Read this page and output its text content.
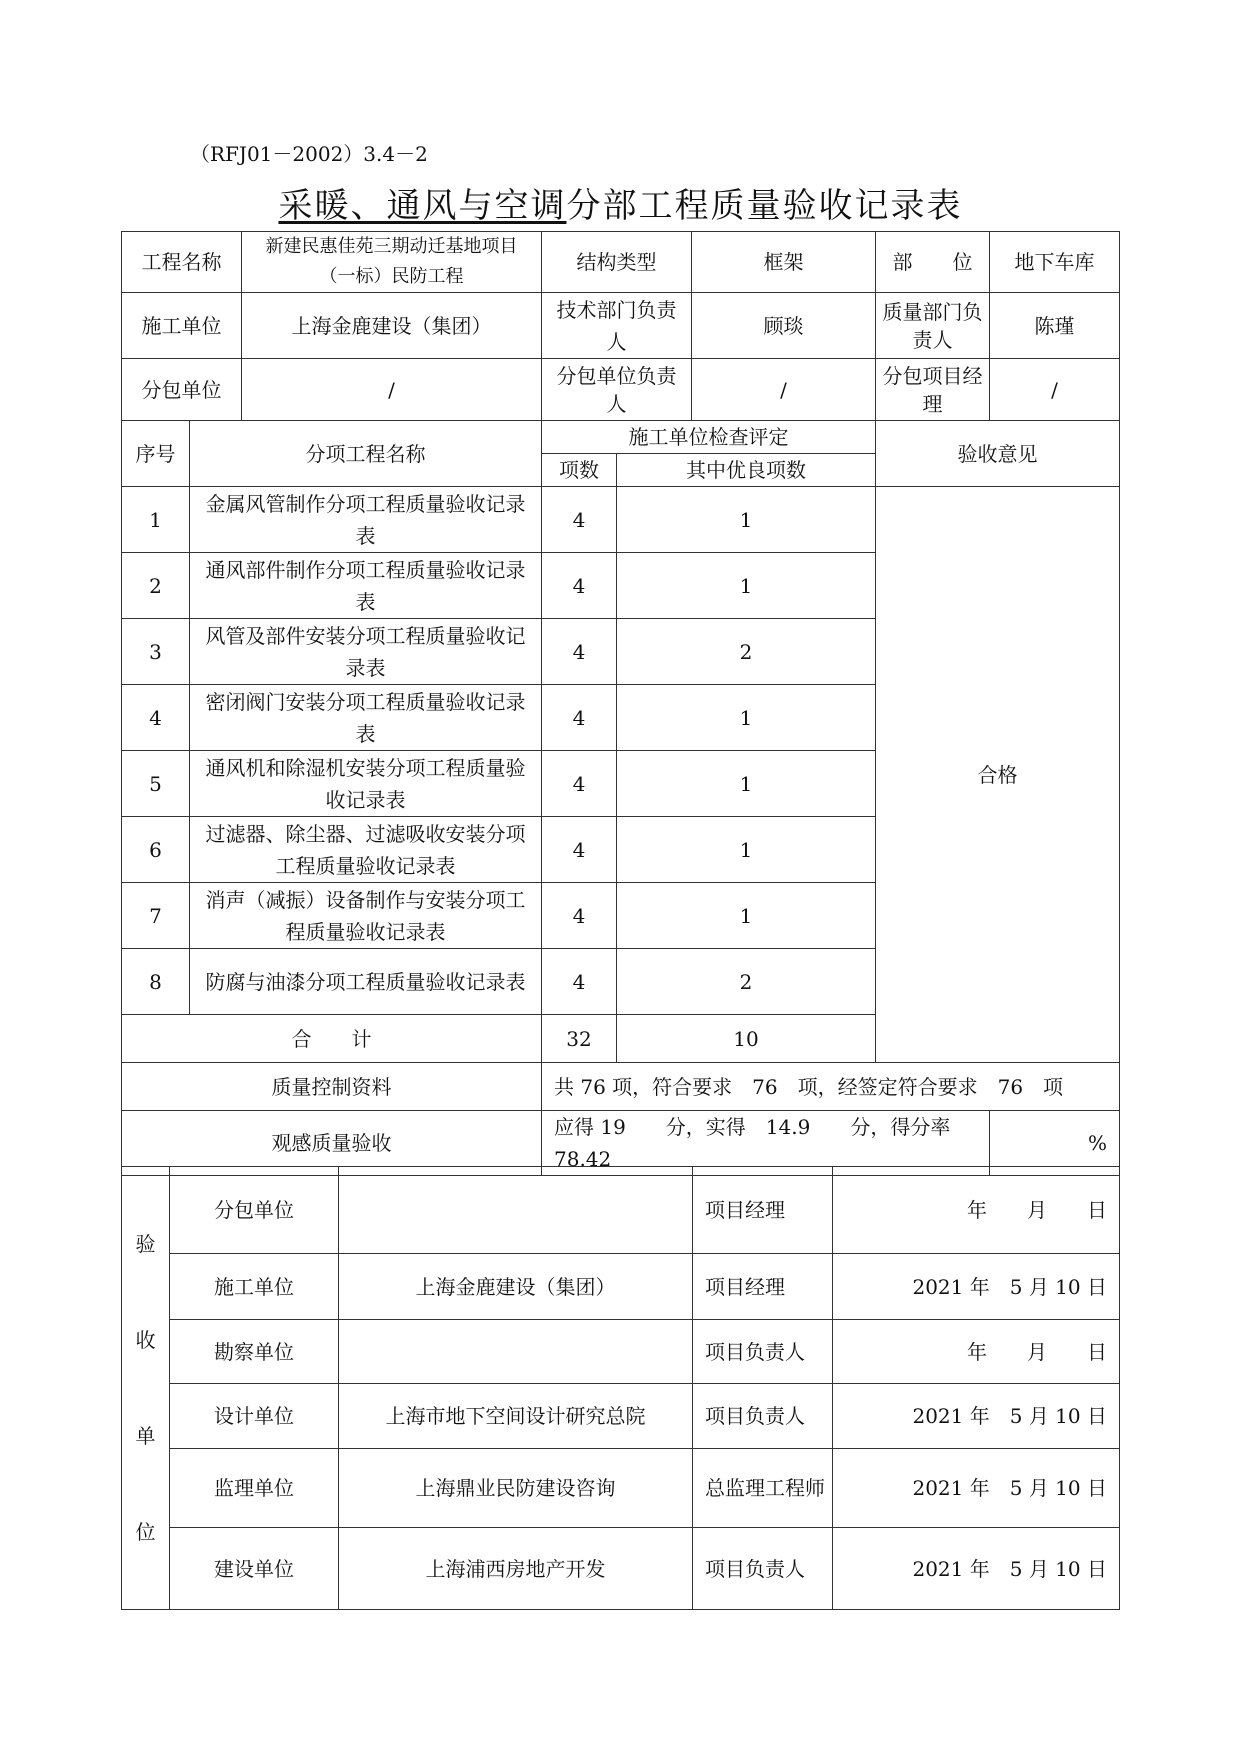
（RFJ01－2002）3.4－2
采暖、通风与空调分部工程质量验收记录表
工程名称		新建民惠佳苑三期动迁基地项目（一标）民防工程	结构类型		框架	部　　位	地下车库
施工单位		上海金鹿建设（集团）	技术部门负责人		顾琰	质量部门负责人	陈瑾
分包单位		/	分包单位负责人		/	分包项目经　　理	/
序号	分项工程名称		施工单位检查评定			验收意见	
			项数	其中优良项数			
1	金属风管制作分项工程质量验收记录表		4	1		合格	
2	通风部件制作分项工程质量验收记录表		4	1			
3	风管及部件安装分项工程质量验收记录表		4	2			
4	密闭阀门安装分项工程质量验收记录表		4	1			
5	通风机和除湿机安装分项工程质量验收记录表		4	1			
6	过滤器、除尘器、过滤吸收安装分项工程质量验收记录表		4	1			
7	消声（减振）设备制作与安装分项工程质量验收记录表		4	1			
8	防腐与油漆分项工程质量验收记录表		4	2			
合　　计			32	10			
质量控制资料			共 76 项，符合要求　76　项，经签定符合要求　76　项				
观感质量验收			应得 19　　分，实得　14.9　　分，得分率　　78.42				%
验
收
单
位	分包单位		项目经理	年　　月　　日
	施工单位	上海金鹿建设（集团）	项目经理	2021 年　5 月 10 日
	勘察单位		项目负责人	年　　月　　日
	设计单位	上海市地下空间设计研究总院	项目负责人	2021 年　5 月 10 日
	监理单位	上海鼎业民防建设咨询	总监理工程师	2021 年　5 月 10 日
	建设单位	上海浦西房地产开发	项目负责人	2021 年　5 月 10 日
